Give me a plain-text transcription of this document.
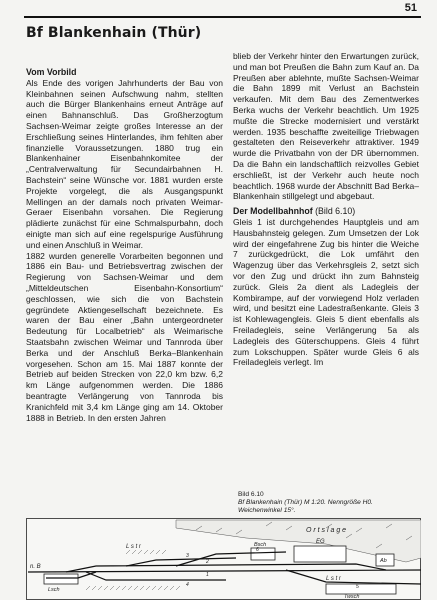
51
Bf Blankenhain (Thür)

Vom Vorbild

Als Ende des vorigen Jahrhunderts der Bau von Kleinbahnen seinen Aufschwung nahm, stellten auch die Bürger Blankenhains erneut Anträge auf einen Bahnanschluß. Das Großherzogtum Sachsen-Weimar zeigte großes Interesse an der Erschließung seines Hinterlandes, ihm fehlten aber finanzielle Voraussetzungen. 1880 trug ein Blankenhainer Eisenbahnkomitee der „Centralverwaltung für Secundairbahnen H. Bachstein“ seine Wünsche vor. 1881 wurden erste Projekte vorgelegt, die als Ausgangspunkt Mellingen an der damals noch privaten Weimar-Geraer Eisenbahn vorsahen. Die Regierung plädierte zunächst für eine Schmalspurbahn, doch einigte man sich auf eine regelspurige Ausführung und einen Anschluß in Weimar.

1882 wurden generelle Vorarbeiten begonnen und 1886 ein Bau- und Betriebsvertrag zwischen der Regierung von Sachsen-Weimar und dem „Mitteldeutschen Eisenbahn-Konsortium“ geschlossen, wie sich die von Bachstein gegründete Aktiengesellschaft bezeichnete. Es waren der Bau einer „Bahn untergeordneter Bedeutung für Localbetrieb“ als Weimarische Staatsbahn zwischen Weimar und Tannroda über Berka und der Anschluß Berka–Blankenhain vorgesehen. Schon am 15. Mai 1887 konnte der Betrieb auf beiden Strecken von 22,0 km bzw. 6,2 km Länge aufgenommen werden. Die 1886 beantragte Verlängerung von Tannroda bis Kranichfeld mit 3,4 km Länge ging am 14. Oktober 1888 in Betrieb. In den ersten Jahren

blieb der Verkehr hinter den Erwartungen zurück, und man bot Preußen die Bahn zum Kauf an. Da Preußen aber ablehnte, mußte Sachsen-Weimar die Bahn 1899 mit Verlust an Bachstein verkaufen. Mit dem Bau des Zementwerkes Berka wuchs der Verkehr beachtlich. Um 1925 mußte die Strecke modernisiert und verstärkt werden. 1935 beschaffte zweiteilige Triebwagen gestalteten den Reiseverkehr attraktiver. 1949 wurde die Privatbahn von der DR übernommen. Da die Bahn ein landschaftlich reizvolles Gebiet erschließt, ist der Verkehr auch heute noch beachtlich. 1968 wurde der Abschnitt Bad Berka–Blankenhain stillgelegt und abgebaut.

Der Modellbahnhof (Bild 6.10)

Gleis 1 ist durchgehendes Hauptgleis und am Hausbahnsteig gelegen. Zum Umsetzen der Lok wird der eingefahrene Zug bis hinter die Weiche 7 zurückgedrückt, die Lok umfährt den Wagenzug über das Verkehrsgleis 2, setzt sich vor den Zug und drückt ihn zum Bahnsteig zurück. Gleis 2a dient als Ladegleis der Kombirampe, auf der vorwiegend Holz verladen wird, und besitzt eine Ladestraßenkante. Gleis 3 ist Kohlewagengleis. Gleis 5 dient ebenfalls als Freiladegleis, seine Verlängerung 5a als Ladegleis des Güterschuppens. Gleis 4 führt zum Lokschuppen. Später wurde Gleis 6 als Freiladegleis verlegt. Im

Bild 6.10
Bf Blankenhain (Thür) M 1:20. Nenngröße H0.
Weichenwinkel 15°.
O r t s l a g e
L s t r	Bsch	EG
Ab
n. B
Lsch
L s t r
Twsch
1
2
3
4	5
6
